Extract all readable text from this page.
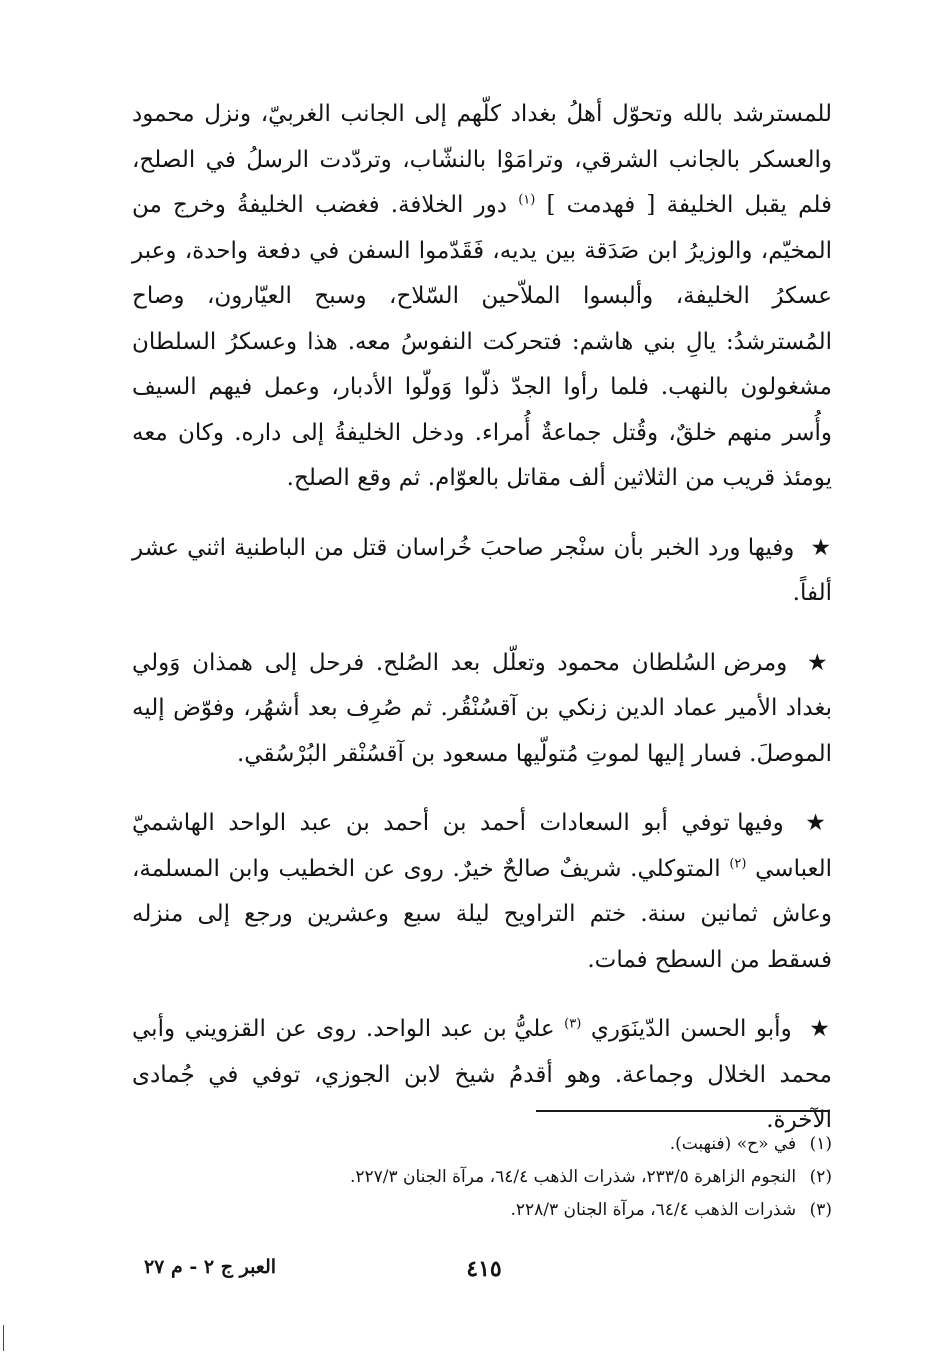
للمسترشد بالله وتحوّل أهلُ بغداد كلّهم إلى الجانب الغربيّ، ونزل محمود والعسكر بالجانب الشرقي، وترامَوْا بالنشّاب، وتردّدت الرسلُ في الصلح، فلم يقبل الخليفة [ فهدمت ] $^{(١)}$ دور الخلافة. فغضب الخليفةُ وخرج من المخيّم، والوزيرُ ابن صَدَقة بين يديه، فَقَدّموا السفن في دفعة واحدة، وعبر عسكرُ الخليفة، وألبسوا الملاّحين السّلاح، وسبح العيّارون، وصاح المُسترشدُ: يالِ بني هاشم: فتحركت النفوسُ معه. هذا وعسكرُ السلطان مشغولون بالنهب. فلما رأوا الجدّ ذلّوا وَولّوا الأدبار، وعمل فيهم السيف وأُسر منهم خلقٌ، وقُتل جماعةٌ أُمراء. ودخل الخليفةُ إلى داره. وكان معه يومئذ قريب من الثلاثين ألف مقاتل بالعوّام. ثم وقع الصلح.

★ وفيها ورد الخبر بأن سنْجر صاحبَ خُراسان قتل من الباطنية اثني عشر ألفاً.

★ ومرض السُلطان محمود وتعلّل بعد الصُلح. فرحل إلى همذان وَولي بغداد الأمير عماد الدين زنكي بن آقسُنْقُر. ثم صُرِف بعد أشهُر، وفوّض إليه الموصلَ. فسار إليها لموتِ مُتولّيها مسعود بن آقسُنْقر البُرْسُقي.

★ وفيها توفي أبو السعادات أحمد بن أحمد بن عبد الواحد الهاشميّ العباسي $^{(٢)}$ المتوكلي. شريفٌ صالحٌ خيرٌ. روى عن الخطيب وابن المسلمة، وعاش ثمانين سنة. ختم التراويح ليلة سبع وعشرين ورجع إلى منزله فسقط من السطح فمات.

★ وأبو الحسن الدّينَوَري $^{(٣)}$ عليُّ بن عبد الواحد. روى عن القزويني وأبي محمد الخلال وجماعة. وهو أقدمُ شيخ لابن الجوزي، توفي في جُمادى الآخرة.

(١) في «ح» (فنهبت).

(٢) النجوم الزاهرة ٢٣٣/٥، شذرات الذهب ٦٤/٤، مرآة الجنان ٢٢٧/٣.

(٣) شذرات الذهب ٦٤/٤، مرآة الجنان ٢٢٨/٣.

٤١٥
العبر ج ٢ - م ٢٧
